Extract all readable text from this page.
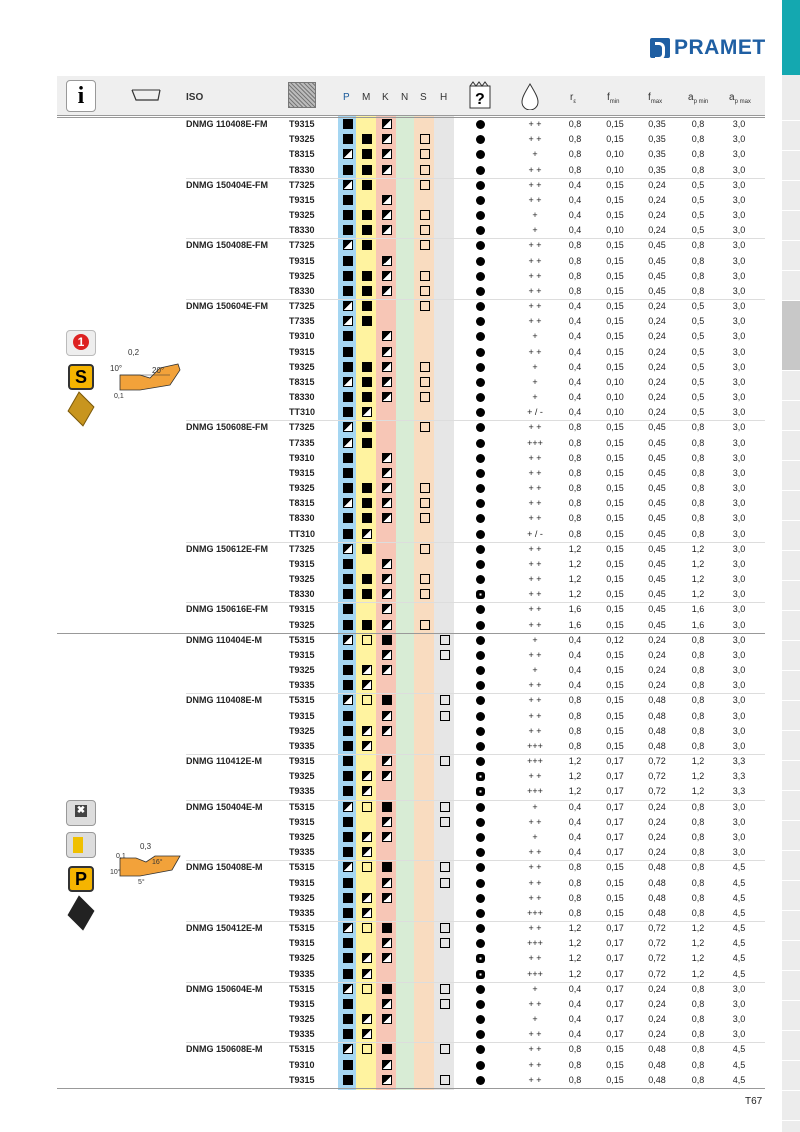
PRAMET
i	ISO	P M K N S H ?	$r_\varepsilon$	$f_{min}$	$f_{max}$	$a_{p min}$ $a_{p max}$
DNMG 110408E-FM T9315	+ +	0,8	0,15	0,35	0,8	3,0
T9325	+ +	0,8	0,15	0,35	0,8	3,0
T8315	+	0,8	0,10	0,35	0,8	3,0
T8330	+ +	0,8	0,10	0,35	0,8	3,0
DNMG 150404E-FM T7325	+ +	0,4	0,15	0,24	0,5	3,0
T9315	+ +	0,4	0,15	0,24	0,5	3,0
T9325	+	0,4	0,15	0,24	0,5	3,0
T8330	+	0,4	0,10	0,24	0,5	3,0
DNMG 150408E-FM T7325	+ +	0,8	0,15	0,45	0,8	3,0
T9315	+ +	0,8	0,15	0,45	0,8	3,0
T9325	+ +	0,8	0,15	0,45	0,8	3,0
T8330	+ +	0,8	0,15	0,45	0,8	3,0
DNMG 150604E-FM T7325	+ +	0,4	0,15	0,24	0,5	3,0
T7335	+ +	0,4	0,15	0,24	0,5	3,0
T9310	+	0,4	0,15	0,24	0,5	3,0
T9315	+ +	0,4	0,15	0,24	0,5	3,0
T9325	+	0,4	0,15	0,24	0,5	3,0
T8315	+	0,4	0,10	0,24	0,5	3,0
T8330	+	0,4	0,10	0,24	0,5	3,0
TT310	+ / -	0,4	0,10	0,24	0,5	3,0
DNMG 150608E-FM T7325	+ +	0,8	0,15	0,45	0,8	3,0
T7335	+++	0,8	0,15	0,45	0,8	3,0
T9310	+ +	0,8	0,15	0,45	0,8	3,0
T9315	+ +	0,8	0,15	0,45	0,8	3,0
T9325	+ +	0,8	0,15	0,45	0,8	3,0
T8315	+ +	0,8	0,15	0,45	0,8	3,0
T8330	+ +	0,8	0,15	0,45	0,8	3,0
TT310	+ / -	0,8	0,15	0,45	0,8	3,0
DNMG 150612E-FM T7325	+ +	1,2	0,15	0,45	1,2	3,0
T9315	+ +	1,2	0,15	0,45	1,2	3,0
T9325	+ +	1,2	0,15	0,45	1,2	3,0
T8330	+ +	1,2	0,15	0,45	1,2	3,0
DNMG 150616E-FM T9315	+ +	1,6	0,15	0,45	1,6	3,0
T9325	+ +	1,6	0,15	0,45	1,6	3,0
DNMG 110404E-M	T5315	+	0,4	0,12	0,24	0,8	3,0
T9315	+ +	0,4	0,15	0,24	0,8	3,0
T9325	+	0,4	0,15	0,24	0,8	3,0
T9335	+ +	0,4	0,15	0,24	0,8	3,0
DNMG 110408E-M	T5315	+ +	0,8	0,15	0,48	0,8	3,0
T9315	+ +	0,8	0,15	0,48	0,8	3,0
T9325	+ +	0,8	0,15	0,48	0,8	3,0
T9335	+++	0,8	0,15	0,48	0,8	3,0
DNMG 110412E-M	T9315	+++	1,2	0,17	0,72	1,2	3,3
T9325	+ +	1,2	0,17	0,72	1,2	3,3
T9335	+++	1,2	0,17	0,72	1,2	3,3
DNMG 150404E-M	T5315	+	0,4	0,17	0,24	0,8	3,0
T9315	+ +	0,4	0,17	0,24	0,8	3,0
T9325	+	0,4	0,17	0,24	0,8	3,0
T9335	+ +	0,4	0,17	0,24	0,8	3,0
DNMG 150408E-M	T5315	+ +	0,8	0,15	0,48	0,8	4,5
T9315	+ +	0,8	0,15	0,48	0,8	4,5
T9325	+ +	0,8	0,15	0,48	0,8	4,5
T9335	+++	0,8	0,15	0,48	0,8	4,5
DNMG 150412E-M	T5315	+ +	1,2	0,17	0,72	1,2	4,5
T9315	+++	1,2	0,17	0,72	1,2	4,5
T9325	+ +	1,2	0,17	0,72	1,2	4,5
T9335	+++	1,2	0,17	0,72	1,2	4,5
DNMG 150604E-M	T5315	+	0,4	0,17	0,24	0,8	3,0
T9315	+ +	0,4	0,17	0,24	0,8	3,0
T9325	+	0,4	0,17	0,24	0,8	3,0
T9335	+ +	0,4	0,17	0,24	0,8	3,0
DNMG 150608E-M	T5315	+ +	0,8	0,15	0,48	0,8	4,5
T9310	+ +	0,8	0,15	0,48	0,8	4,5
T9315	+ +	0,8	0,15	0,48	0,8	4,5
1
S
0,2
10°	20°
0,1
✖
P
0,3
0,1
10°
16°
5°
T67
